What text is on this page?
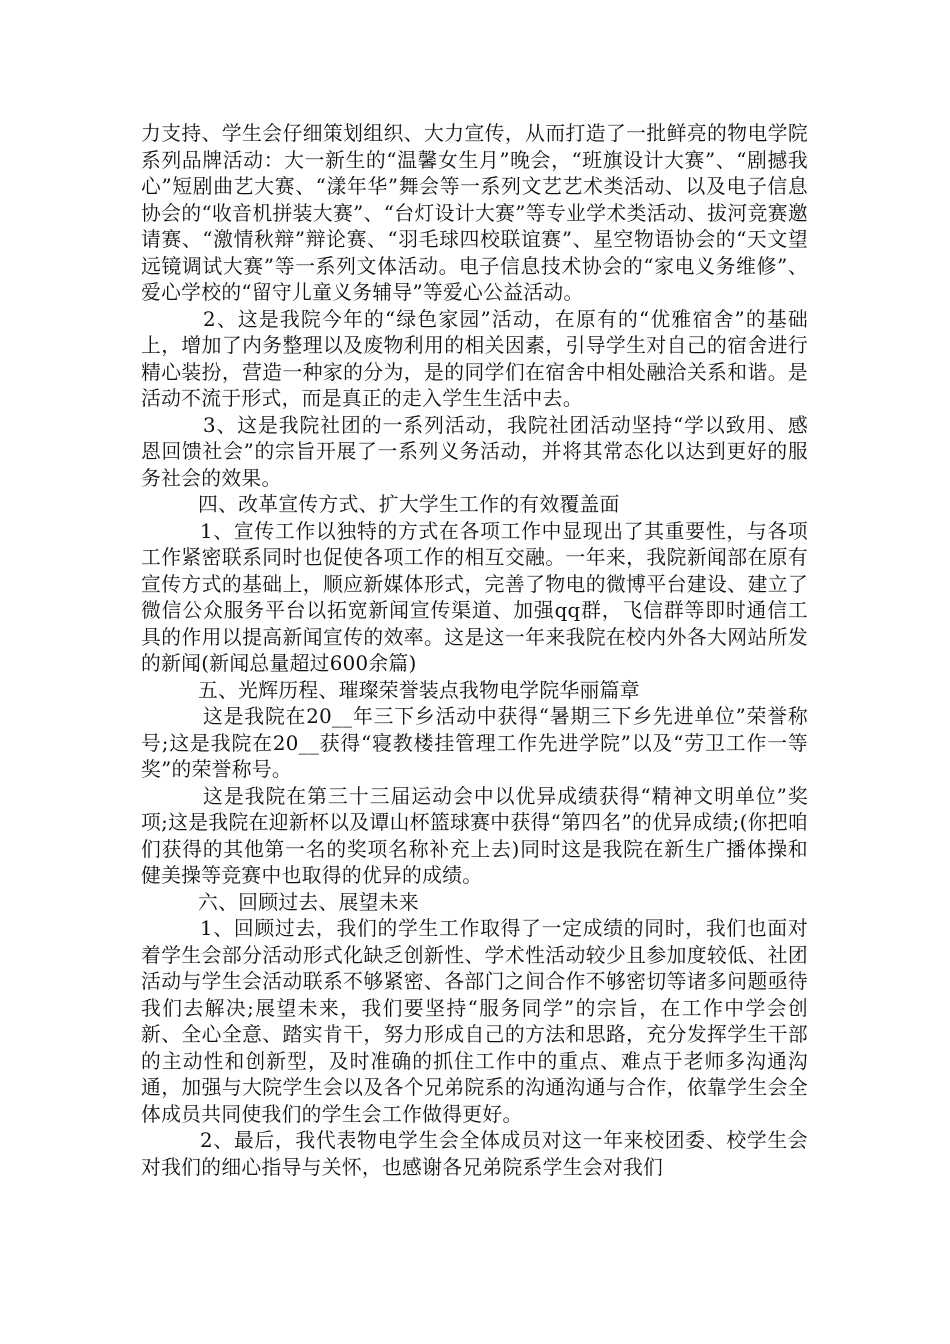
力支持、学生会仔细策划组织、大力宣传，从而打造了一批鲜亮的物电学院系列品牌活动：大一新生的“温馨女生月”晚会，“班旗设计大赛”、“剧撼我心”短剧曲艺大赛、“漾年华”舞会等一系列文艺艺术类活动、以及电子信息协会的“收音机拼装大赛”、“台灯设计大赛”等专业学术类活动、拔河竞赛邀请赛、“激情秋辩”辩论赛、“羽毛球四校联谊赛”、星空物语协会的“天文望远镜调试大赛”等一系列文体活动。电子信息技术协会的“家电义务维修”、爱心学校的“留守儿童义务辅导”等爱心公益活动。

2、这是我院今年的“绿色家园”活动，在原有的“优雅宿舍”的基础上，增加了内务整理以及废物利用的相关因素，引导学生对自己的宿舍进行精心装扮，营造一种家的分为，是的同学们在宿舍中相处融洽关系和谐。是活动不流于形式，而是真正的走入学生生活中去。

3、这是我院社团的一系列活动，我院社团活动坚持“学以致用、感恩回馈社会”的宗旨开展了一系列义务活动，并将其常态化以达到更好的服务社会的效果。

四、改革宣传方式、扩大学生工作的有效覆盖面

1、宣传工作以独特的方式在各项工作中显现出了其重要性，与各项工作紧密联系同时也促使各项工作的相互交融。一年来，我院新闻部在原有宣传方式的基础上，顺应新媒体形式，完善了物电的微博平台建设、建立了微信公众服务平台以拓宽新闻宣传渠道、加强qq群，飞信群等即时通信工具的作用以提高新闻宣传的效率。这是这一年来我院在校内外各大网站所发的新闻(新闻总量超过600余篇)

五、光辉历程、璀璨荣誉装点我物电学院华丽篇章

这是我院在20__年三下乡活动中获得“暑期三下乡先进单位”荣誉称号;这是我院在20__获得“寝教楼挂管理工作先进学院”以及“劳卫工作一等奖”的荣誉称号。

这是我院在第三十三届运动会中以优异成绩获得“精神文明单位”奖项;这是我院在迎新杯以及谭山杯篮球赛中获得“第四名”的优异成绩;(你把咱们获得的其他第一名的奖项名称补充上去)同时这是我院在新生广播体操和健美操等竞赛中也取得的优异的成绩。

六、回顾过去、展望未来

1、回顾过去，我们的学生工作取得了一定成绩的同时，我们也面对着学生会部分活动形式化缺乏创新性、学术性活动较少且参加度较低、社团活动与学生会活动联系不够紧密、各部门之间合作不够密切等诸多问题亟待我们去解决;展望未来，我们要坚持“服务同学”的宗旨，在工作中学会创新、全心全意、踏实肯干，努力形成自己的方法和思路，充分发挥学生干部的主动性和创新型，及时准确的抓住工作中的重点、难点于老师多沟通沟通，加强与大院学生会以及各个兄弟院系的沟通沟通与合作，依靠学生会全体成员共同使我们的学生会工作做得更好。

2、最后，我代表物电学生会全体成员对这一年来校团委、校学生会对我们的细心指导与关怀，也感谢各兄弟院系学生会对我们
